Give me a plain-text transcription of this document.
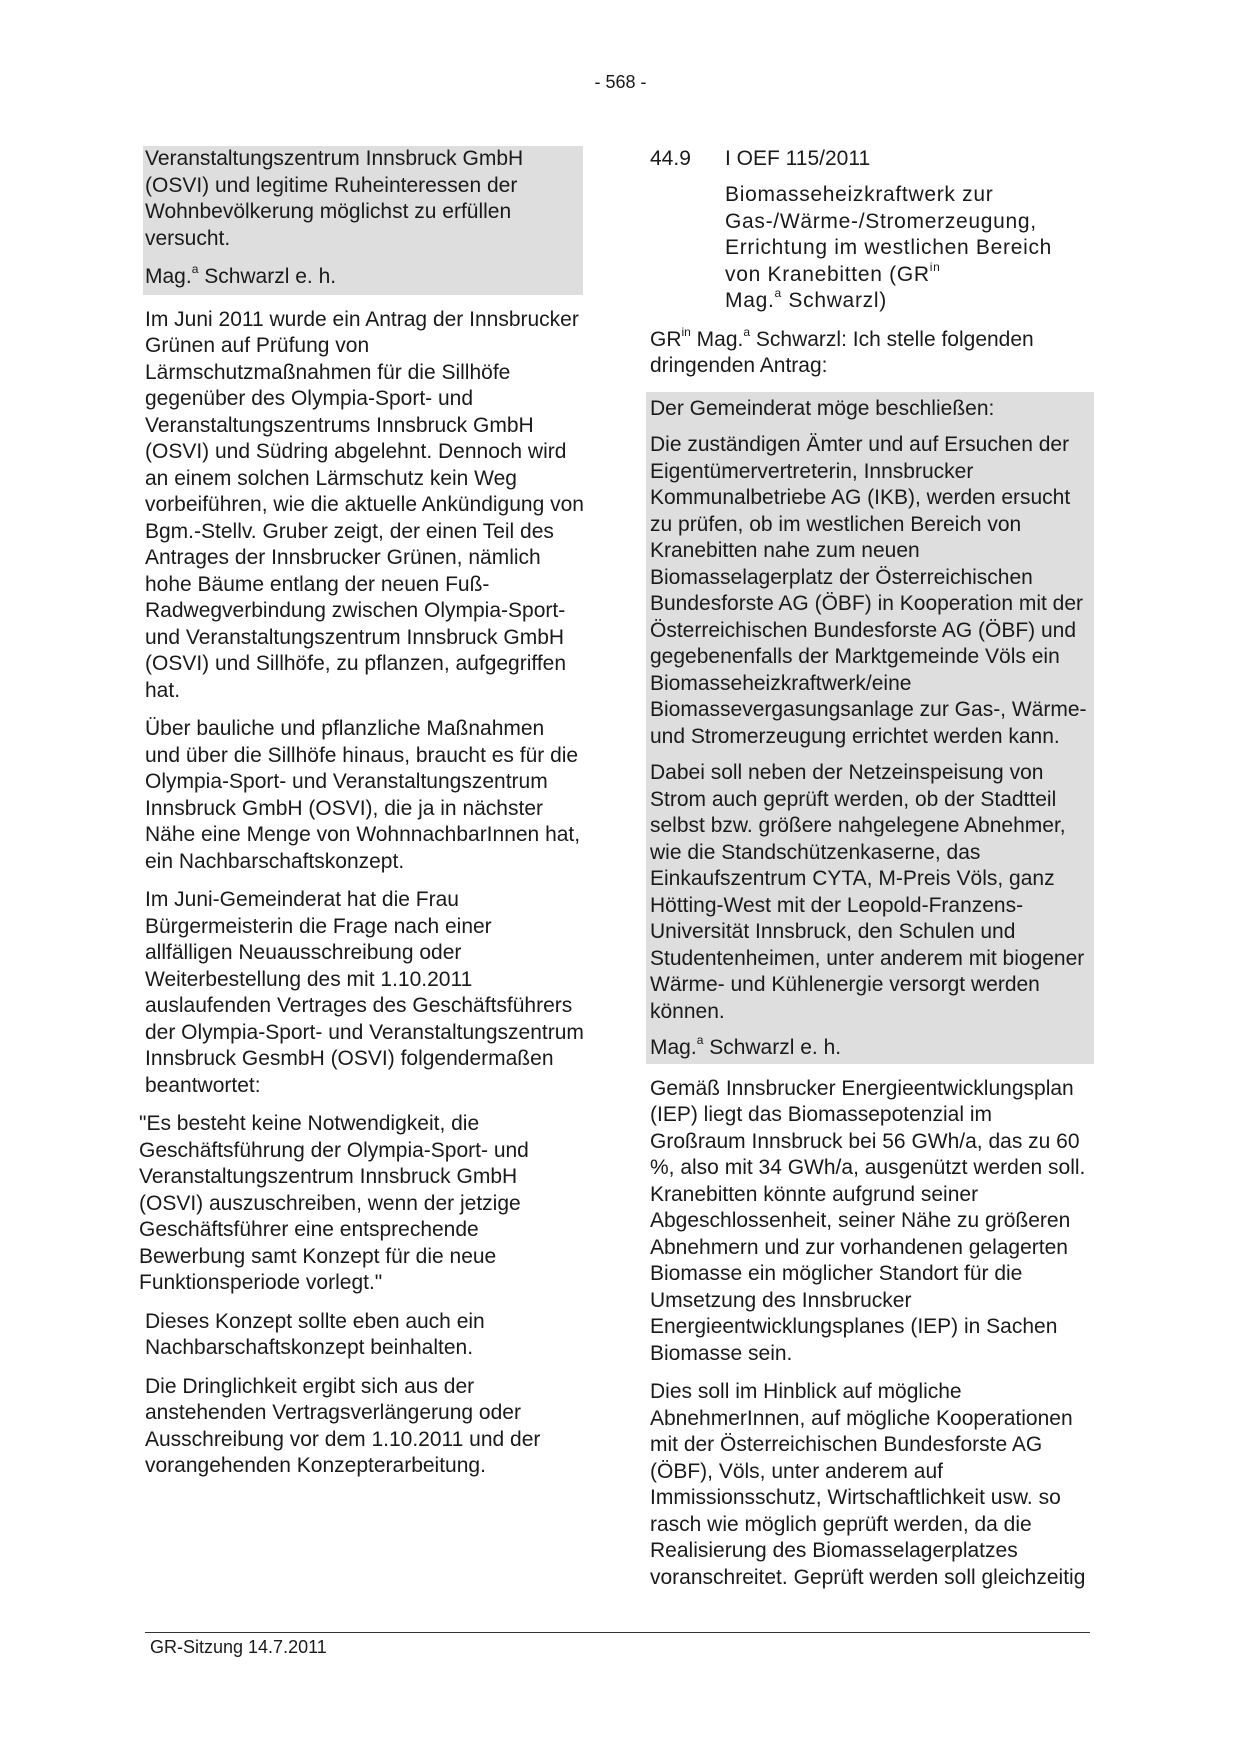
- 568 -

Veranstaltungszentrum Innsbruck GmbH (OSVI) und legitime Ruheinteressen der Wohnbevölkerung möglichst zu erfüllen versucht.

Mag.$^a$ Schwarzl e. h.

Im Juni 2011 wurde ein Antrag der Innsbrucker Grünen auf Prüfung von Lärmschutzmaßnahmen für die Sillhöfe gegenüber des Olympia-Sport- und Veranstaltungszentrums Innsbruck GmbH (OSVI) und Südring abgelehnt. Dennoch wird an einem solchen Lärmschutz kein Weg vorbeiführen, wie die aktuelle Ankündigung von Bgm.-Stellv. Gruber zeigt, der einen Teil des Antrages der Innsbrucker Grünen, nämlich hohe Bäume entlang der neuen Fuß-Radwegverbindung zwischen Olympia-Sport- und Veranstaltungszentrum Innsbruck GmbH (OSVI) und Sillhöfe, zu pflanzen, aufgegriffen hat.

Über bauliche und pflanzliche Maßnahmen und über die Sillhöfe hinaus, braucht es für die Olympia-Sport- und Veranstaltungszentrum Innsbruck GmbH (OSVI), die ja in nächster Nähe eine Menge von WohnnachbarInnen hat, ein Nachbarschaftskonzept.

Im Juni-Gemeinderat hat die Frau Bürgermeisterin die Frage nach einer allfälligen Neuausschreibung oder Weiterbestellung des mit 1.10.2011 auslaufenden Vertrages des Geschäftsführers der Olympia-Sport- und Veranstaltungszentrum Innsbruck GesmbH (OSVI) folgendermaßen beantwortet:

"Es besteht keine Notwendigkeit, die Geschäftsführung der Olympia-Sport- und Veranstaltungszentrum Innsbruck GmbH (OSVI) auszuschreiben, wenn der jetzige Geschäftsführer eine entsprechende Bewerbung samt Konzept für die neue Funktionsperiode vorlegt."

Dieses Konzept sollte eben auch ein Nachbarschaftskonzept beinhalten.

Die Dringlichkeit ergibt sich aus der anstehenden Vertragsverlängerung oder Ausschreibung vor dem 1.10.2011 und der vorangehenden Konzepterarbeitung.

44.9	I OEF 115/2011
Biomasseheizkraftwerk zur Gas-/Wärme-/Stromerzeugung, Errichtung im westlichen Bereich von Kranebitten ($GR^{in}$
Mag.$^a$ Schwarzl)

$GR^{in}$ Mag.$^a$ Schwarzl: Ich stelle folgenden dringenden Antrag:

Der Gemeinderat möge beschließen:

Die zuständigen Ämter und auf Ersuchen der Eigentümervertreterin, Innsbrucker Kommunalbetriebe AG (IKB), werden ersucht zu prüfen, ob im westlichen Bereich von Kranebitten nahe zum neuen Biomasselagerplatz der Österreichischen Bundesforste AG (ÖBF) in Kooperation mit der Österreichischen Bundesforste AG (ÖBF) und gegebenenfalls der Marktgemeinde Völs ein Biomasseheizkraftwerk/eine Biomassevergasungsanlage zur Gas-, Wärme- und Stromerzeugung errichtet werden kann.

Dabei soll neben der Netzeinspeisung von Strom auch geprüft werden, ob der Stadtteil selbst bzw. größere nahgelegene Abnehmer, wie die Standschützenkaserne, das Einkaufszentrum CYTA, M-Preis Völs, ganz Hötting-West mit der Leopold-Franzens-Universität Innsbruck, den Schulen und Studentenheimen, unter anderem mit biogener Wärme- und Kühlenergie versorgt werden können.

Mag.$^a$ Schwarzl e. h.

Gemäß Innsbrucker Energieentwicklungsplan (IEP) liegt das Biomassepotenzial im Großraum Innsbruck bei 56 GWh/a, das zu 60 %, also mit 34 GWh/a, ausgenützt werden soll. Kranebitten könnte aufgrund seiner Abgeschlossenheit, seiner Nähe zu größeren Abnehmern und zur vorhandenen gelagerten Biomasse ein möglicher Standort für die Umsetzung des Innsbrucker Energieentwicklungsplanes (IEP) in Sachen Biomasse sein.

Dies soll im Hinblick auf mögliche AbnehmerInnen, auf mögliche Kooperationen mit der Österreichischen Bundesforste AG (ÖBF), Völs, unter anderem auf Immissionsschutz, Wirtschaftlichkeit usw. so rasch wie möglich geprüft werden, da die Realisierung des Biomasselagerplatzes voranschreitet. Geprüft werden soll gleichzeitig

GR-Sitzung 14.7.2011
